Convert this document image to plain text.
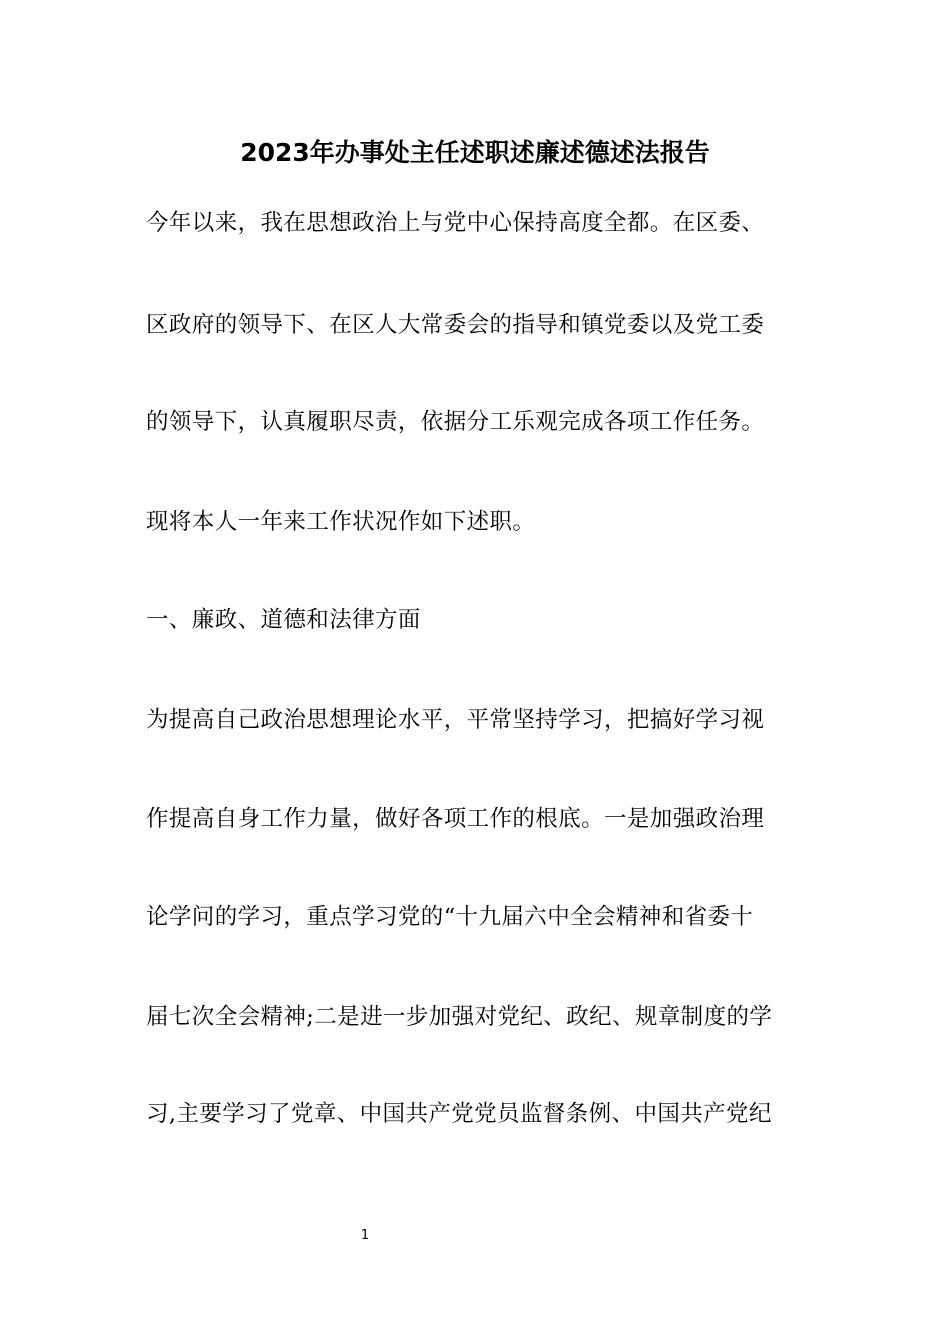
2023年办事处主任述职述廉述德述法报告
今年以来，我在思想政治上与党中心保持高度全都。在区委、
区政府的领导下、在区人大常委会的指导和镇党委以及党工委
的领导下，认真履职尽责，依据分工乐观完成各项工作任务。
现将本人一年来工作状况作如下述职。
一、廉政、道德和法律方面
为提高自己政治思想理论水平，平常坚持学习，把搞好学习视
作提高自身工作力量，做好各项工作的根底。一是加强政治理
论学问的学习，重点学习党的“十九届六中全会精神和省委十
届七次全会精神;二是进一步加强对党纪、政纪、规章制度的学
习,主要学习了党章、中国共产党党员监督条例、中国共产党纪
1
